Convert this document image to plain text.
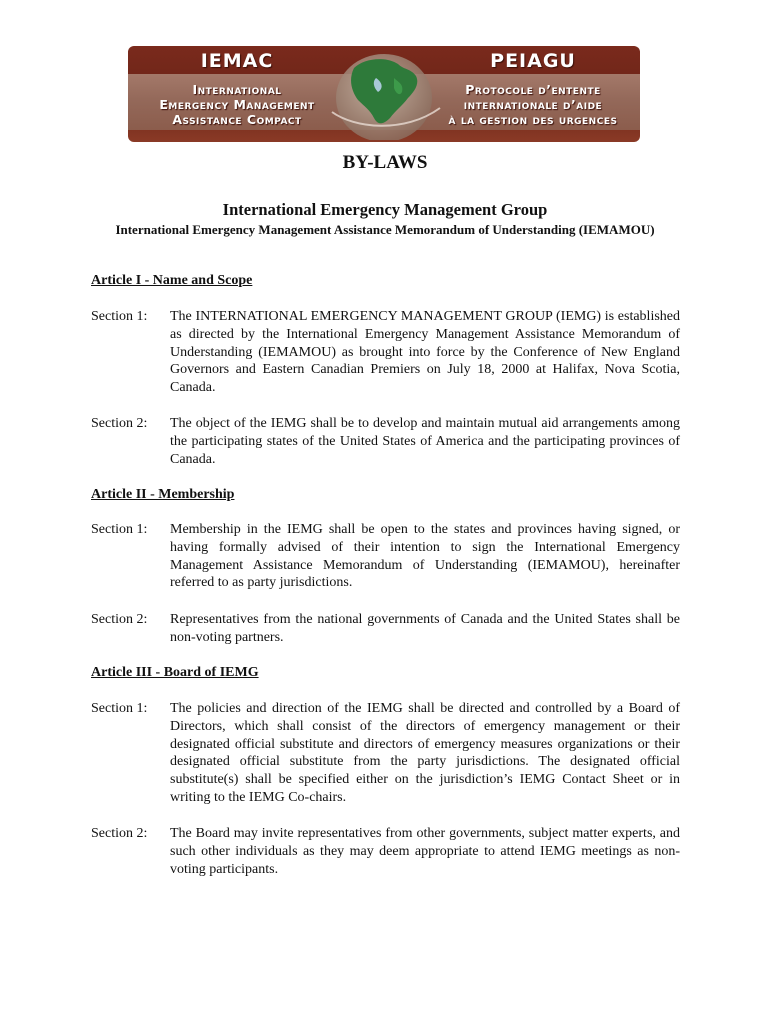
IEMAC
International
Emergency Management
Assistance Compact
PEIAGU
Protocole d’entente
internationale d’aide
à la gestion des urgences
BY-LAWS
International Emergency Management Group
International Emergency Management Assistance Memorandum of Understanding (IEMAMOU)
Article I - Name and Scope
Section 1: The INTERNATIONAL EMERGENCY MANAGEMENT GROUP (IEMG) is established as directed by the International Emergency Management Assistance Memorandum of Understanding (IEMAMOU) as brought into force by the Conference of New England Governors and Eastern Canadian Premiers on July 18, 2000 at Halifax, Nova Scotia, Canada.
Section 2: The object of the IEMG shall be to develop and maintain mutual aid arrangements among the participating states of the United States of America and the participating provinces of Canada.
Article II - Membership
Section 1: Membership in the IEMG shall be open to the states and provinces having signed, or having formally advised of their intention to sign the International Emergency Management Assistance Memorandum of Understanding (IEMAMOU), hereinafter referred to as party jurisdictions.
Section 2: Representatives from the national governments of Canada and the United States shall be non-voting partners.
Article III - Board of IEMG
Section 1: The policies and direction of the IEMG shall be directed and controlled by a Board of Directors, which shall consist of the directors of emergency management or their designated official substitute and directors of emergency measures organizations or their designated official substitute from the party jurisdictions. The designated official substitute(s) shall be specified either on the jurisdiction’s IEMG Contact Sheet or in writing to the IEMG Co-chairs.
Section 2: The Board may invite representatives from other governments, subject matter experts, and such other individuals as they may deem appropriate to attend IEMG meetings as non-voting participants.
